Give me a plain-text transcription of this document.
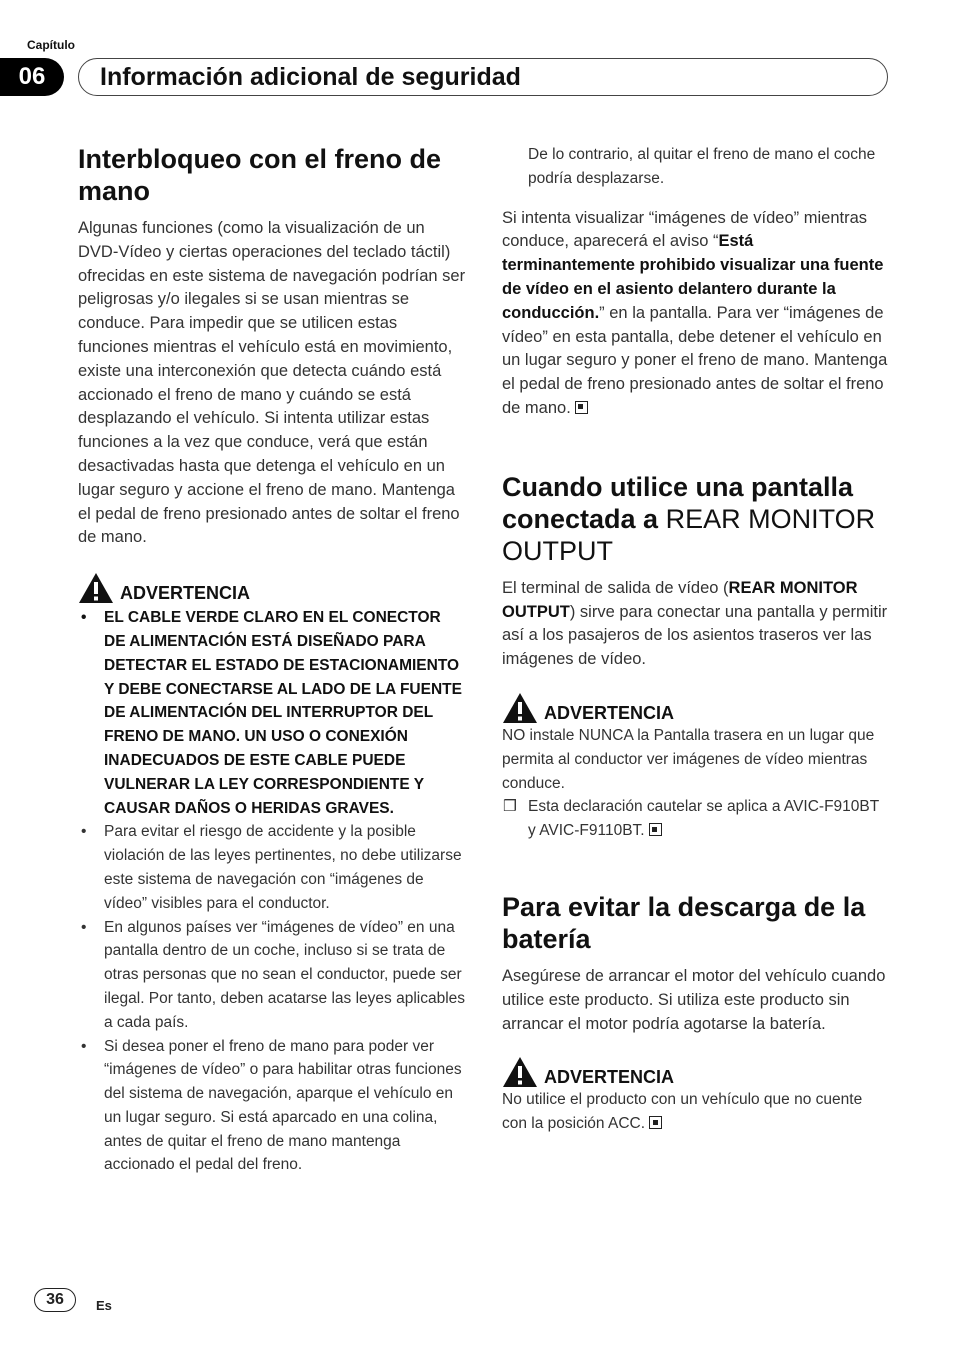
Capítulo
06	Información adicional de seguridad
Interbloqueo con el freno de mano

Algunas funciones (como la visualización de un DVD-Vídeo y ciertas operaciones del teclado táctil) ofrecidas en este sistema de navegación podrían ser peligrosas y/o ilegales si se usan mientras se conduce. Para impedir que se utilicen estas funciones mientras el vehículo está en movimiento, existe una interconexión que detecta cuándo está accionado el freno de mano y cuándo se está desplazando el vehículo. Si intenta utilizar estas funciones a la vez que conduce, verá que están desactivadas hasta que detenga el vehículo en un lugar seguro y accione el freno de mano. Mantenga el pedal de freno presionado antes de soltar el freno de mano.

ADVERTENCIA
• EL CABLE VERDE CLARO EN EL CONECTOR DE ALIMENTACIÓN ESTÁ DISEÑADO PARA DETECTAR EL ESTADO DE ESTACIONAMIENTO Y DEBE CONECTARSE AL LADO DE LA FUENTE DE ALIMENTACIÓN DEL INTERRUPTOR DEL FRENO DE MANO. UN USO O CONEXIÓN INADECUADOS DE ESTE CABLE PUEDE VULNERAR LA LEY CORRESPONDIENTE Y CAUSAR DAÑOS O HERIDAS GRAVES.
• Para evitar el riesgo de accidente y la posible violación de las leyes pertinentes, no debe utilizarse este sistema de navegación con “imágenes de vídeo” visibles para el conductor.
• En algunos países ver “imágenes de vídeo” en una pantalla dentro de un coche, incluso si se trata de otras personas que no sean el conductor, puede ser ilegal. Por tanto, deben acatarse las leyes aplicables a cada país.
• Si desea poner el freno de mano para poder ver “imágenes de vídeo” o para habilitar otras funciones del sistema de navegación, aparque el vehículo en un lugar seguro. Si está aparcado en una colina, antes de quitar el freno de mano mantenga accionado el pedal del freno.

De lo contrario, al quitar el freno de mano el coche podría desplazarse.

Si intenta visualizar “imágenes de vídeo” mientras conduce, aparecerá el aviso “Está terminantemente prohibido visualizar una fuente de vídeo en el asiento delantero durante la conducción.” en la pantalla. Para ver “imágenes de vídeo” en esta pantalla, debe detener el vehículo en un lugar seguro y poner el freno de mano. Mantenga el pedal de freno presionado antes de soltar el freno de mano.

Cuando utilice una pantalla conectada a REAR MONITOR OUTPUT

El terminal de salida de vídeo (REAR MONITOR OUTPUT) sirve para conectar una pantalla y permitir así a los pasajeros de los asientos traseros ver las imágenes de vídeo.

ADVERTENCIA

NO instale NUNCA la Pantalla trasera en un lugar que permita al conductor ver imágenes de vídeo mientras conduce.

❒ Esta declaración cautelar se aplica a AVIC-F910BT y AVIC-F9110BT.
Para evitar la descarga de la batería

Asegúrese de arrancar el motor del vehículo cuando utilice este producto. Si utiliza este producto sin arrancar el motor podría agotarse la batería.

ADVERTENCIA

No utilice el producto con un vehículo que no cuente con la posición ACC.

36	Es
